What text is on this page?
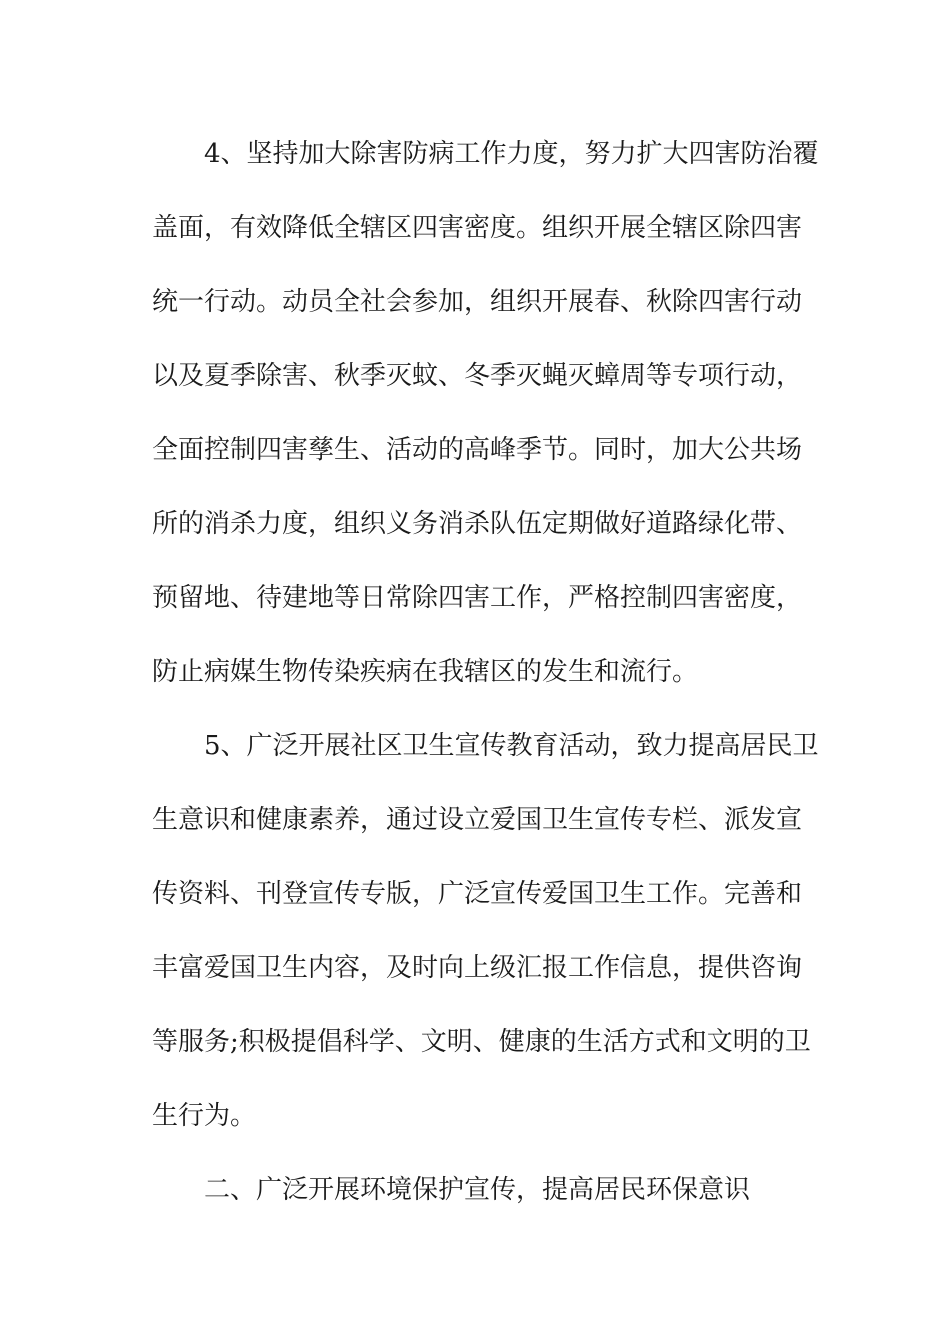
4、坚持加大除害防病工作力度，努力扩大四害防治覆
盖面，有效降低全辖区四害密度。组织开展全辖区除四害
统一行动。动员全社会参加，组织开展春、秋除四害行动
以及夏季除害、秋季灭蚊、冬季灭蝇灭蟑周等专项行动，
全面控制四害孳生、活动的高峰季节。同时，加大公共场
所的消杀力度，组织义务消杀队伍定期做好道路绿化带、
预留地、待建地等日常除四害工作，严格控制四害密度，
防止病媒生物传染疾病在我辖区的发生和流行。
5、广泛开展社区卫生宣传教育活动，致力提高居民卫
生意识和健康素养，通过设立爱国卫生宣传专栏、派发宣
传资料、刊登宣传专版，广泛宣传爱国卫生工作。完善和
丰富爱国卫生内容，及时向上级汇报工作信息，提供咨询
等服务;积极提倡科学、文明、健康的生活方式和文明的卫
生行为。
二、广泛开展环境保护宣传，提高居民环保意识
